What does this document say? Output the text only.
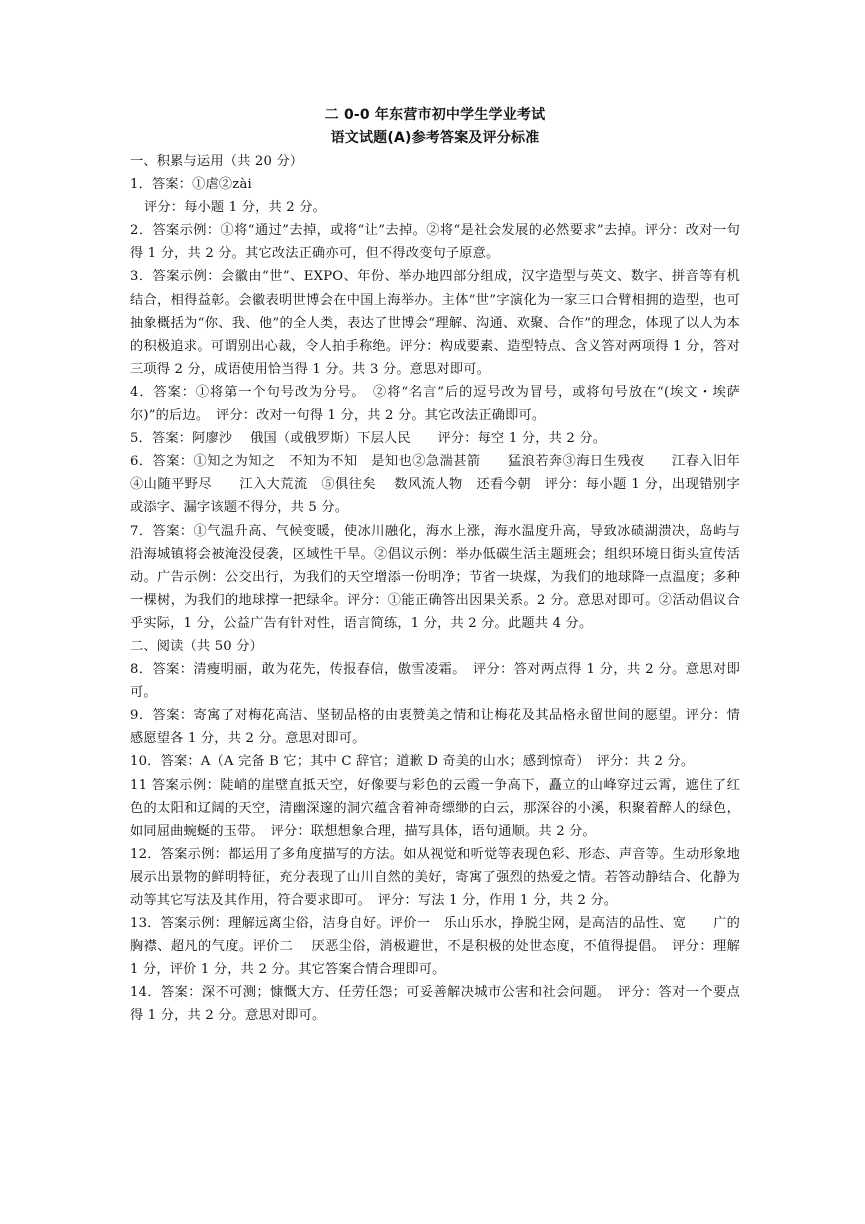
二 0-0 年东营市初中学生学业考试
语文试题(A)参考答案及评分标准

一、积累与运用（共 20 分）

1．答案：①虐②zài

评分：每小题 1 分，共 2 分。

2．答案示例：①将“通过”去掉，或将“让”去掉。②将“是社会发展的必然要求”去掉。评分：改对一句得 1 分，共 2 分。其它改法正确亦可，但不得改变句子原意。

3．答案示例：会徽由“世”、EXPO、年份、举办地四部分组成，汉字造型与英文、数字、拼音等有机结合，相得益彰。会徽表明世博会在中国上海举办。主体“世”字演化为一家三口合臂相拥的造型，也可抽象概括为“你、我、他”的全人类，表达了世博会“理解、沟通、欢聚、合作”的理念，体现了以人为本的积极追求。可谓别出心裁，令人拍手称绝。评分：构成要素、造型特点、含义答对两项得 1 分，答对三项得 2 分，成语使用恰当得 1 分。共 3 分。意思对即可。

4．答案：①将第一个句号改为分号。　②将“名言”后的逗号改为冒号，或将句号放在“(埃文・埃萨尔)”的后边。　评分：改对一句得 1 分，共 2 分。其它改法正确即可。

5．答案：阿廖沙　 俄国（或俄罗斯）下层人民　　评分：每空 1 分，共 2 分。

6．答案：①知之为知之　不知为不知　是知也②急湍甚箭　　猛浪若奔③海日生残夜　　江春入旧年④山随平野尽　　江入大荒流　⑤俱往矣　 数风流人物　还看今朝　评分：每小题 1 分，出现错别字或添字、漏字该题不得分，共 5 分。

7．答案：①气温升高、气候变暖，使冰川融化，海水上涨，海水温度升高，导致冰碛湖溃决，岛屿与沿海城镇将会被淹没侵袭，区域性干旱。②倡议示例：举办低碳生活主题班会；组织环境日街头宣传活动。广告示例：公交出行，为我们的天空增添一份明净；节省一块煤，为我们的地球降一点温度；多种一棵树，为我们的地球撑一把绿伞。评分：①能正确答出因果关系。2 分。意思对即可。②活动倡议合乎实际，1 分，公益广告有针对性，语言简练，1 分，共 2 分。此题共 4 分。

二、阅读（共 50 分）

8．答案：清瘦明丽，敢为花先，传报春信，傲雪凌霜。　评分：答对两点得 1 分，共 2 分。意思对即可。

9．答案：寄寓了对梅花高洁、坚韧品格的由衷赞美之情和让梅花及其品格永留世间的愿望。评分：情感愿望各 1 分，共 2 分。意思对即可。

10．答案：A（A 完备 B 它；其中 C 辞官；道歉 D 奇美的山水；感到惊奇）　评分：共 2 分。

11 答案示例：陡峭的崖壁直抵天空，好像要与彩色的云霞一争高下，矗立的山峰穿过云霄，遮住了红色的太阳和辽阔的天空，清幽深邃的洞穴蕴含着神奇缥缈的白云，那深谷的小溪，积聚着醉人的绿色，如同屈曲蜿蜒的玉带。　评分：联想想象合理，描写具体，语句通顺。共 2 分。

12．答案示例：都运用了多角度描写的方法。如从视觉和听觉等表现色彩、形态、声音等。生动形象地展示出景物的鲜明特征，充分表现了山川自然的美好，寄寓了强烈的热爱之情。若答动静结合、化静为动等其它写法及其作用，符合要求即可。　评分：写法 1 分，作用 1 分，共 2 分。

13．答案示例：理解远离尘俗，洁身自好。评价一　乐山乐水，挣脱尘网，是高洁的品性、宽　　广的胸襟、超凡的气度。评价二　 厌恶尘俗，消极避世，不是积极的处世态度，不值得提倡。　评分：理解 1 分，评价 1 分，共 2 分。其它答案合情合理即可。

14．答案：深不可测；慷慨大方、任劳任怨；可妥善解决城市公害和社会问题。　评分：答对一个要点得 1 分，共 2 分。意思对即可。
